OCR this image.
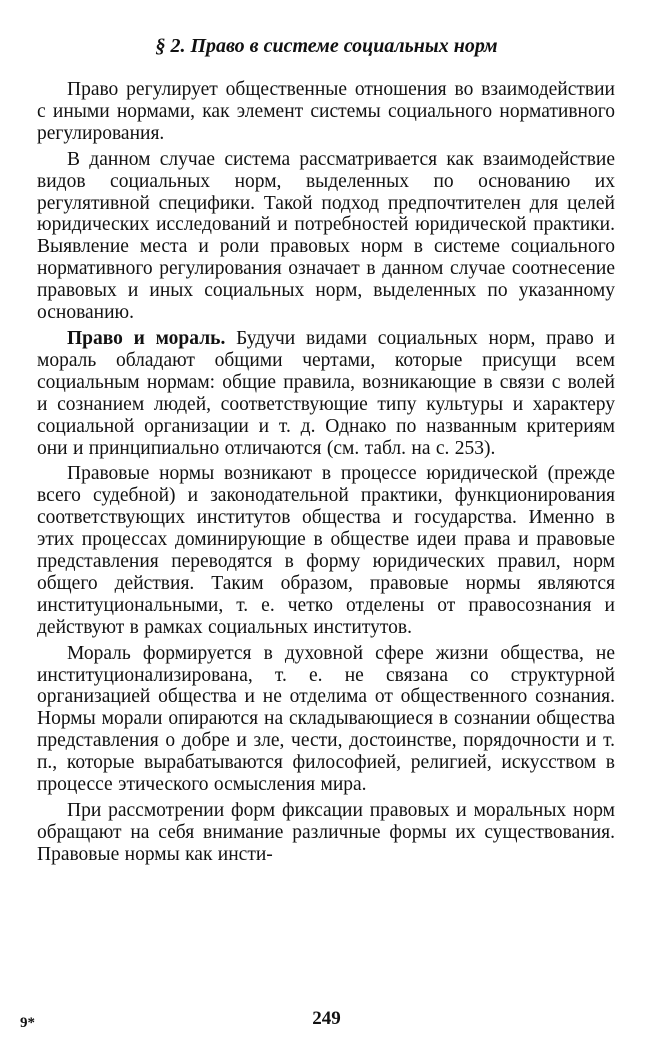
§ 2. Право в системе социальных норм

Право регулирует общественные отношения во взаимодействии с иными нормами, как элемент системы социального нормативного регулирования.

В данном случае система рассматривается как взаимодействие видов социальных норм, выделенных по основанию их регулятивной специфики. Такой подход предпочтителен для целей юридических исследований и потребностей юридической практики. Выявление места и роли правовых норм в системе социального нормативного регулирования означает в данном случае соотнесение правовых и иных социальных норм, выделенных по указанному основанию.

Право и мораль. Будучи видами социальных норм, право и мораль обладают общими чертами, которые присущи всем социальным нормам: общие правила, возникающие в связи с волей и сознанием людей, соответствующие типу культуры и характеру социальной организации и т. д. Однако по названным критериям они и принципиально отличаются (см. табл. на с. 253).

Правовые нормы возникают в процессе юридической (прежде всего судебной) и законодательной практики, функционирования соответствующих институтов общества и государства. Именно в этих процессах доминирующие в обществе идеи права и правовые представления переводятся в форму юридических правил, норм общего действия. Таким образом, правовые нормы являются институциональными, т. е. четко отделены от правосознания и действуют в рамках социальных институтов.

Мораль формируется в духовной сфере жизни общества, не институционализирована, т. е. не связана со структурной организацией общества и не отделима от общественного сознания. Нормы морали опираются на складывающиеся в сознании общества представления о добре и зле, чести, достоинстве, порядочности и т. п., которые вырабатываются философией, религией, искусством в процессе этического осмысления мира.

При рассмотрении форм фиксации правовых и моральных норм обращают на себя внимание различные формы их существования. Правовые нормы как инсти-

9*	249
